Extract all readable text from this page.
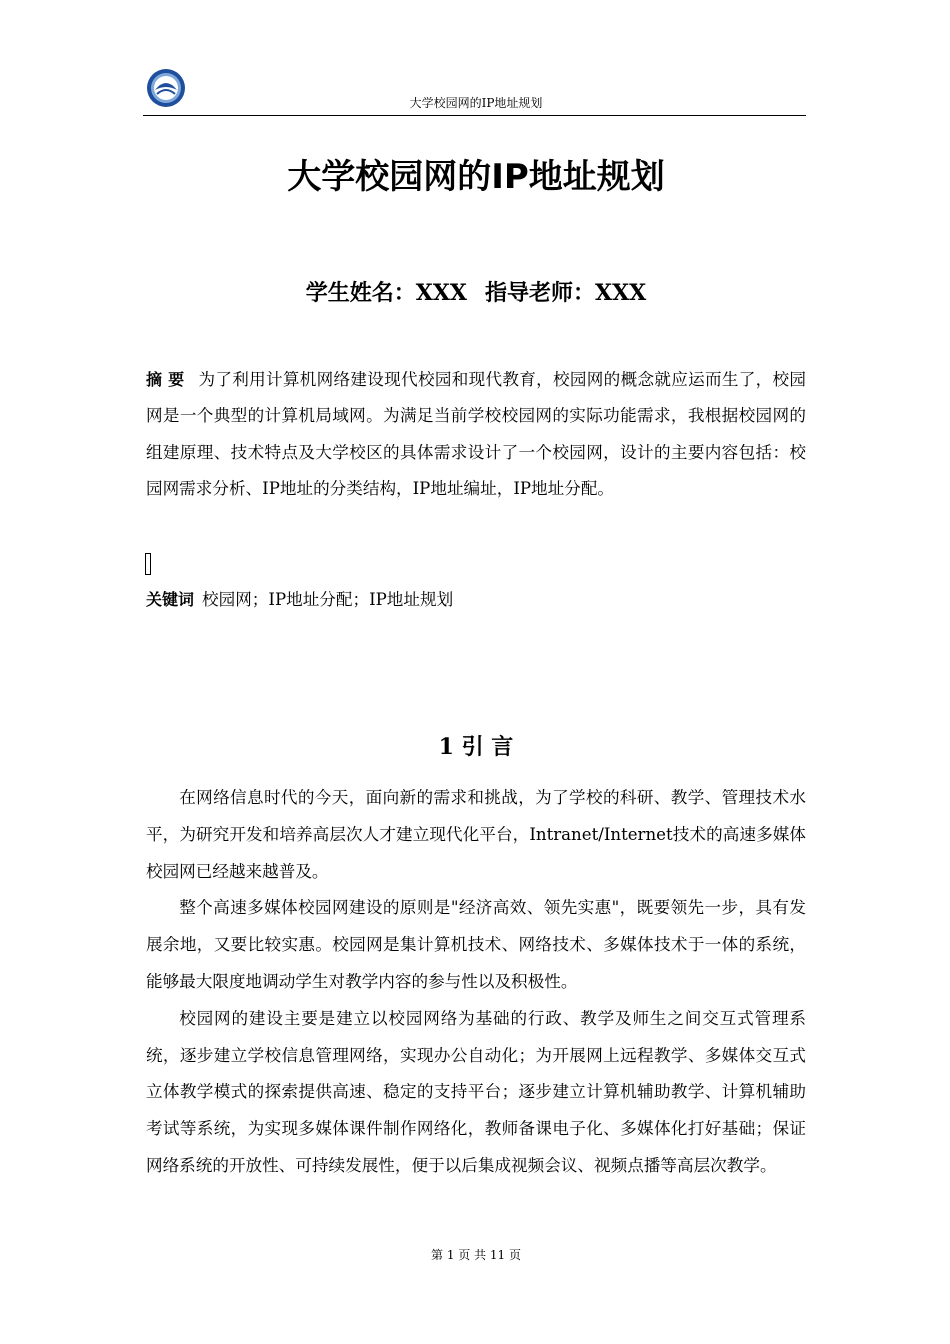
大学校园网的IP地址规划
大学校园网的IP地址规划
学生姓名：XXX 指导老师：XXX
摘 要 为了利用计算机网络建设现代校园和现代教育，校园网的概念就应运而生了，校园网是一个典型的计算机局域网。为满足当前学校校园网的实际功能需求，我根据校园网的组建原理、技术特点及大学校区的具体需求设计了一个校园网，设计的主要内容包括：校园网需求分析、IP地址的分类结构，IP地址编址，IP地址分配。
关键词 校园网；IP地址分配；IP地址规划
1 引 言

在网络信息时代的今天，面向新的需求和挑战，为了学校的科研、教学、管理技术水平，为研究开发和培养高层次人才建立现代化平台，Intranet/Internet技术的高速多媒体校园网已经越来越普及。

整个高速多媒体校园网建设的原则是"经济高效、领先实惠"，既要领先一步，具有发展余地，又要比较实惠。校园网是集计算机技术、网络技术、多媒体技术于一体的系统，能够最大限度地调动学生对教学内容的参与性以及积极性。

校园网的建设主要是建立以校园网络为基础的行政、教学及师生之间交互式管理系统，逐步建立学校信息管理网络，实现办公自动化；为开展网上远程教学、多媒体交互式立体教学模式的探索提供高速、稳定的支持平台；逐步建立计算机辅助教学、计算机辅助考试等系统，为实现多媒体课件制作网络化，教师备课电子化、多媒体化打好基础；保证网络系统的开放性、可持续发展性，便于以后集成视频会议、视频点播等高层次教学。

第 1 页 共 11 页
